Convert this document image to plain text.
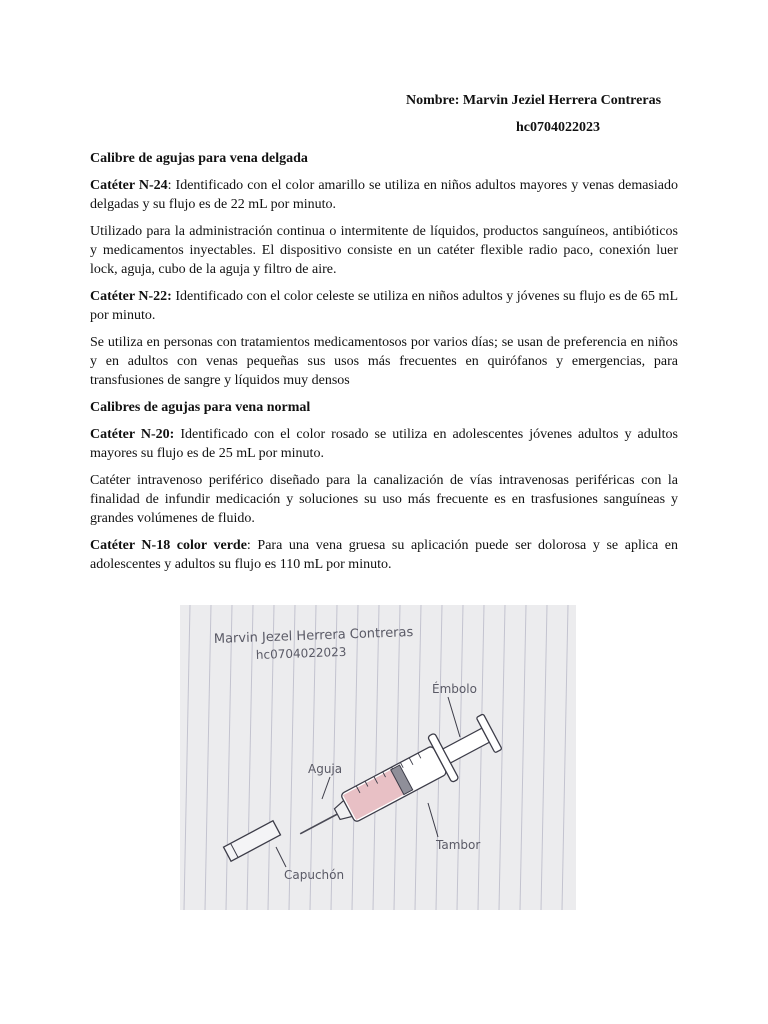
Nombre: Marvin Jeziel Herrera Contreras
hc0704022023
Calibre de agujas para vena delgada

Catéter N-24: Identificado con el color amarillo se utiliza en niños adultos mayores y venas demasiado delgadas y su flujo es de 22 mL por minuto.

Utilizado para la administración continua o intermitente de líquidos, productos sanguíneos, antibióticos y medicamentos inyectables. El dispositivo consiste en un catéter flexible radio paco, conexión luer lock, aguja, cubo de la aguja y filtro de aire.

Catéter N-22: Identificado con el color celeste se utiliza en niños adultos y jóvenes su flujo es de 65 mL por minuto.

Se utiliza en personas con tratamientos medicamentosos por varios días; se usan de preferencia en niños y en adultos con venas pequeñas sus usos más frecuentes en quirófanos y emergencias, para transfusiones de sangre y líquidos muy densos

Calibres de agujas para vena normal

Catéter N-20: Identificado con el color rosado se utiliza en adolescentes jóvenes adultos y adultos mayores su flujo es de 25 mL por minuto.

Catéter intravenoso periférico diseñado para la canalización de vías intravenosas periféricas con la finalidad de infundir medicación y soluciones su uso más frecuente es en trasfusiones sanguíneas y grandes volúmenes de fluido.

Catéter N-18 color verde: Para una vena gruesa su aplicación puede ser dolorosa y se aplica en adolescentes y adultos su flujo es 110 mL por minuto.

Marvin Jezel Herrera Contreras
hc0704022023
Émbolo
Aguja
Tambor
Capuchón
